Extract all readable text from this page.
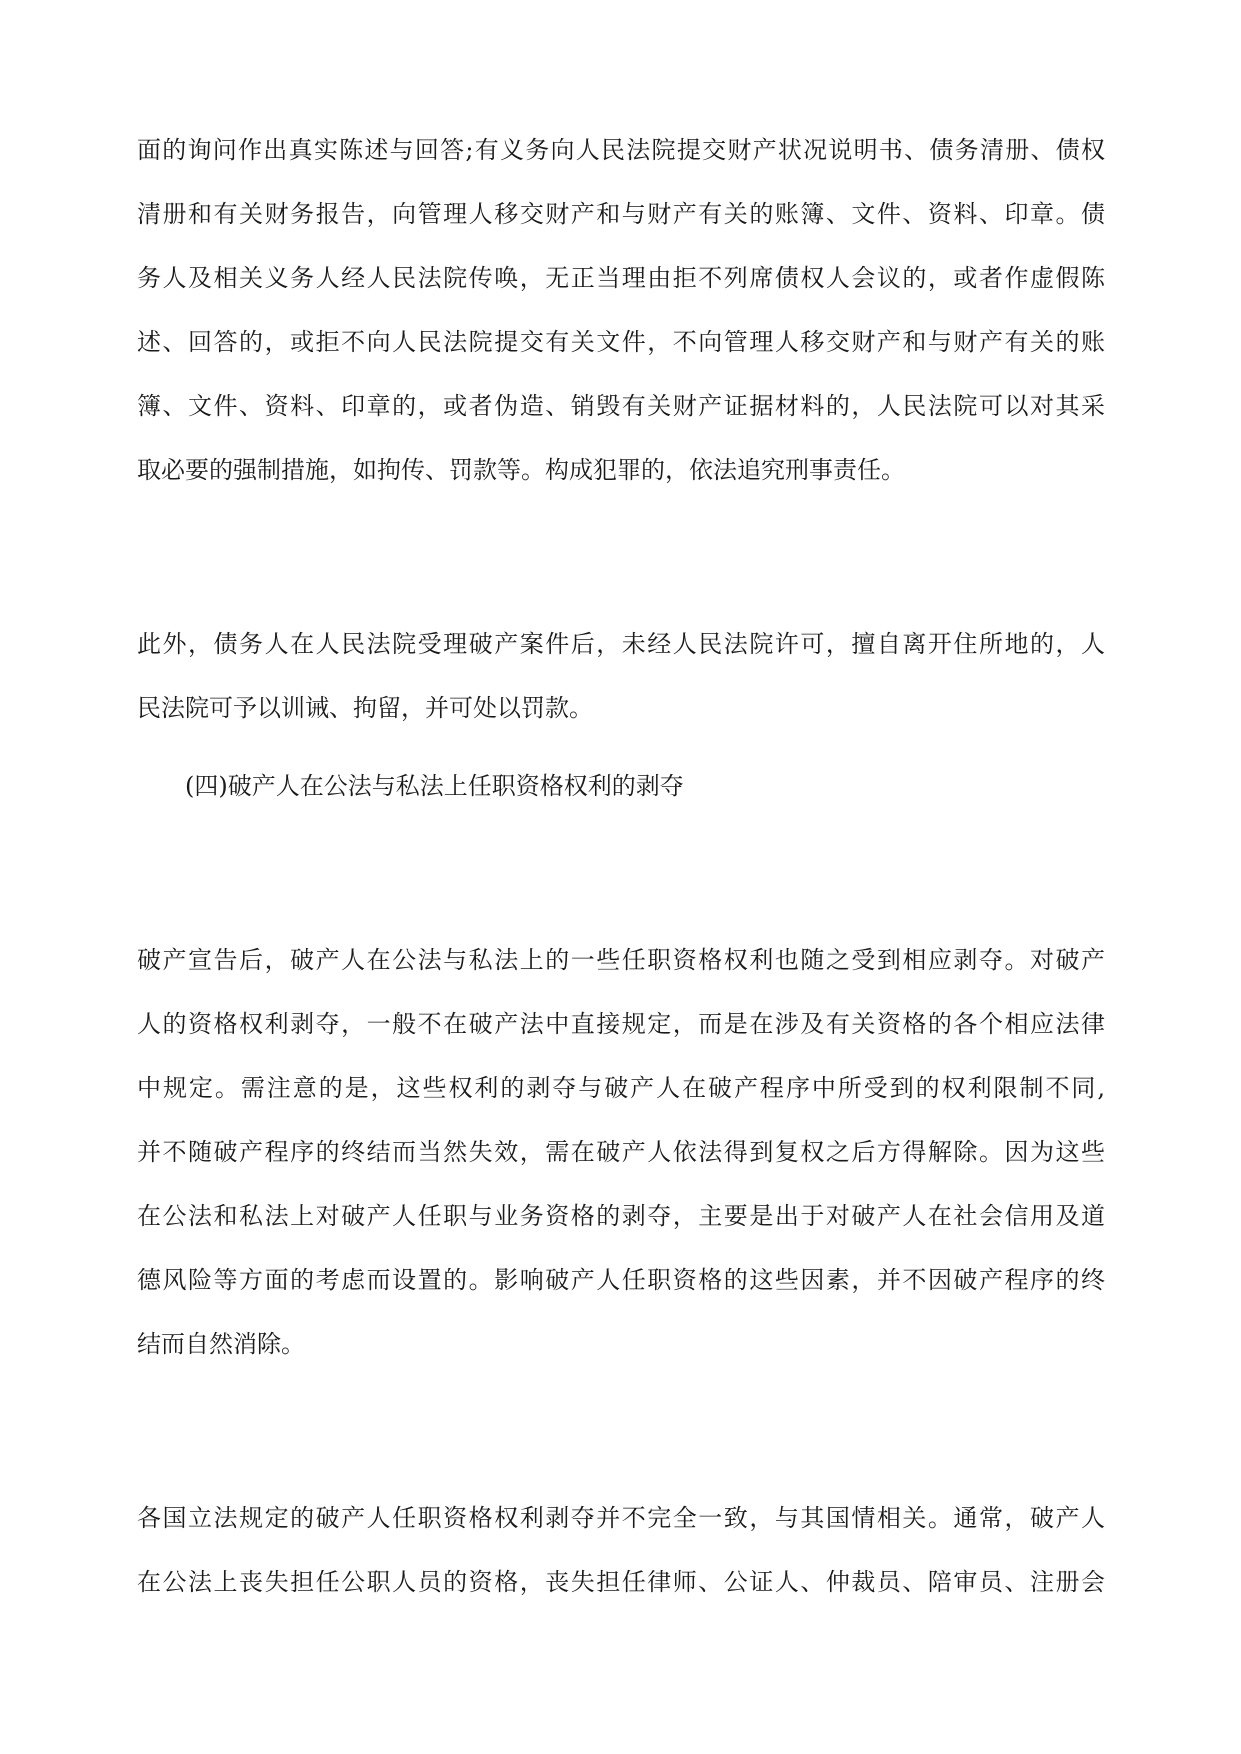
面的询问作出真实陈述与回答;有义务向人民法院提交财产状况说明书、债务清册、债权
清册和有关财务报告，向管理人移交财产和与财产有关的账簿、文件、资料、印章。债
务人及相关义务人经人民法院传唤，无正当理由拒不列席债权人会议的，或者作虚假陈
述、回答的，或拒不向人民法院提交有关文件，不向管理人移交财产和与财产有关的账
簿、文件、资料、印章的，或者伪造、销毁有关财产证据材料的，人民法院可以对其采
取必要的强制措施，如拘传、罚款等。构成犯罪的，依法追究刑事责任。
此外，债务人在人民法院受理破产案件后，未经人民法院许可，擅自离开住所地的，人
民法院可予以训诫、拘留，并可处以罚款。
(四)破产人在公法与私法上任职资格权利的剥夺
破产宣告后，破产人在公法与私法上的一些任职资格权利也随之受到相应剥夺。对破产
人的资格权利剥夺，一般不在破产法中直接规定，而是在涉及有关资格的各个相应法律
中规定。需注意的是，这些权利的剥夺与破产人在破产程序中所受到的权利限制不同,
并不随破产程序的终结而当然失效，需在破产人依法得到复权之后方得解除。因为这些
在公法和私法上对破产人任职与业务资格的剥夺，主要是出于对破产人在社会信用及道
德风险等方面的考虑而设置的。影响破产人任职资格的这些因素，并不因破产程序的终
结而自然消除。
各国立法规定的破产人任职资格权利剥夺并不完全一致，与其国情相关。通常，破产人
在公法上丧失担任公职人员的资格，丧失担任律师、公证人、仲裁员、陪审员、注册会
